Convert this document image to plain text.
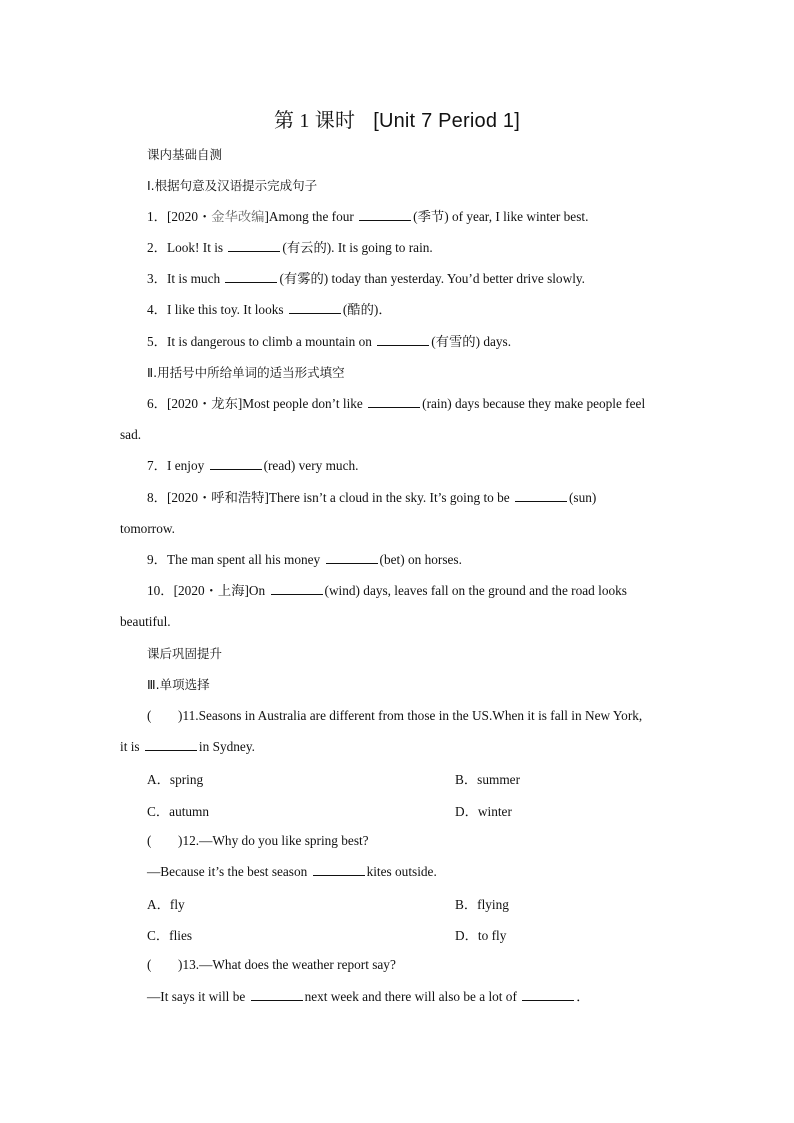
第 1 课时 [Unit 7 Period 1]
课内基础自测
Ⅰ.根据句意及汉语提示完成句子
1．[2020・金华改编]Among the four	(季节) of year, I like winter best.
2．Look! It is	(有云的). It is going to rain.
3．It is much	(有雾的) today than yesterday. You’d better drive slowly.
4．I like this toy. It looks	(酷的)．
5．It is dangerous to climb a mountain on	(有雪的) days.
Ⅱ.用括号中所给单词的适当形式填空
6．[2020・龙东]Most people don’t like	(rain) days because they make people feel
sad.
7．I enjoy	(read) very much.
8．[2020・呼和浩特]There isn’t a cloud in the sky. It’s going to be	(sun)
tomorrow.
9．The man spent all his money	(bet) on horses.
10．[2020・上海]On	(wind) days, leaves fall on the ground and the road looks
beautiful.
课后巩固提升
Ⅲ.单项选择
(　　)11.Seasons in Australia are different from those in the US.When it is fall in New York,
it is	in Sydney.
A．spring	B．summer
C．autumn	D．winter
(　　)12.—Why do you like spring best?
—Because it’s the best season	kites outside.
A．fly	B．flying
C．flies	D．to fly
(　　)13.—What does the weather report say?
—It says it will be	next week and there will also be a lot of	．
